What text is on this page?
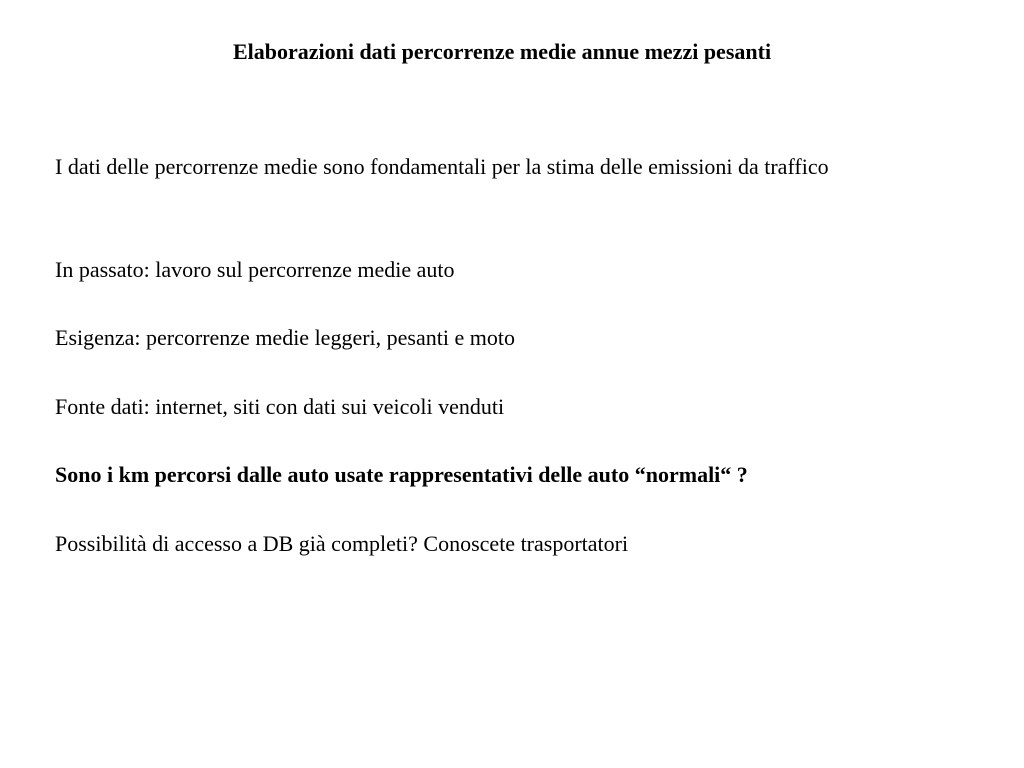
Elaborazioni dati percorrenze medie annue mezzi pesanti

I dati delle percorrenze medie sono fondamentali per la stima delle emissioni da traffico

In passato: lavoro sul percorrenze medie auto

Esigenza: percorrenze medie leggeri, pesanti e moto

Fonte dati: internet, siti con dati sui veicoli venduti

Sono i km percorsi dalle auto usate rappresentativi delle auto “normali“ ?

Possibilità di accesso a DB già completi? Conoscete trasportatori
